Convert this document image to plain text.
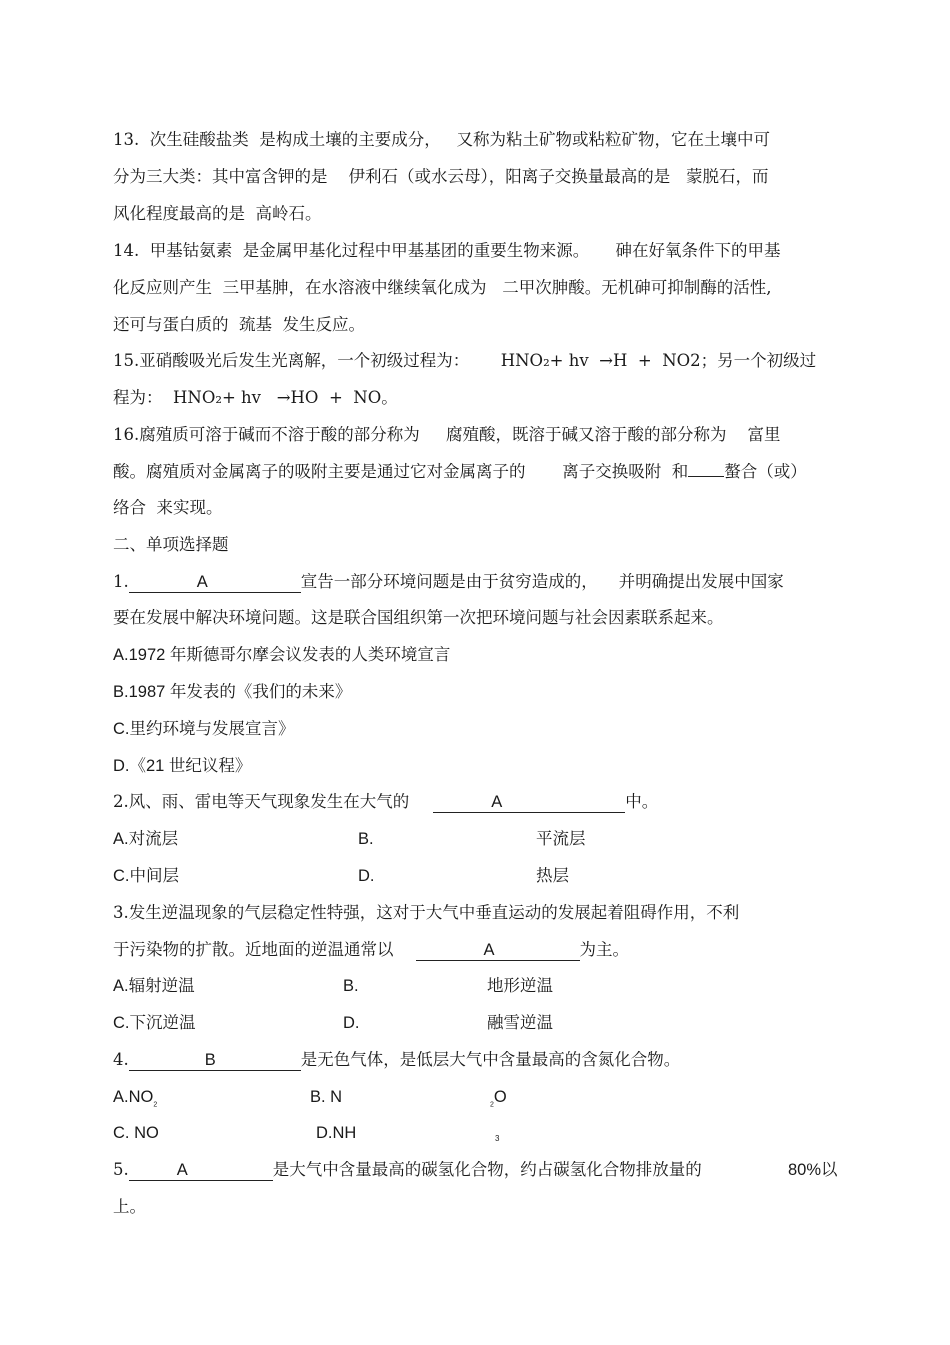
13.  次生硅酸盐类  是构成土壤的主要成分，   又称为粘土矿物或粘粒矿物，它在土壤中可
分为三大类：其中富含钾的是    伊利石（或水云母），阳离子交换量最高的是   蒙脱石，而
风化程度最高的是  高岭石。
14.  甲基钴氨素  是金属甲基化过程中甲基基团的重要生物来源。     砷在好氧条件下的甲基
化反应则产生  三甲基胂，在水溶液中继续氧化成为   二甲次胂酸。无机砷可抑制酶的活性,
还可与蛋白质的  巯基  发生反应。
15.亚硝酸吸光后发生光离解，一个初级过程为：      HNO₂+ hv  →H  +  NO2；另一个初级过
程为：  HNO₂+ hv   →HO  +  NO。
16.腐殖质可溶于碱而不溶于酸的部分称为     腐殖酸，既溶于碱又溶于酸的部分称为    富里
酸。腐殖质对金属离子的吸附主要是通过它对金属离子的       离子交换吸附  和 螯合（或）
络合  来实现。
二、单项选择题
1.	A	宣告一部分环境问题是由于贫穷造成的，    并明确提出发展中国家
要在发展中解决环境问题。这是联合国组织第一次把环境问题与社会因素联系起来。
A.1972 年斯德哥尔摩会议发表的人类环境宣言
B.1987 年发表的《我们的未来》
C.里约环境与发展宣言》
D.《21 世纪议程》
2.风、雨、雷电等天气现象发生在大气的	A	中。
A.对流层	B.	平流层
C.中间层	D.	热层
3.发生逆温现象的气层稳定性特强，这对于大气中垂直运动的发展起着阻碍作用，不利
于污染物的扩散。近地面的逆温通常以	A	为主。
A.辐射逆温	B.	地形逆温
C.下沉逆温	D.	融雪逆温
4.	B	是无色气体，是低层大气中含量最高的含氮化合物。
$A.NO_2$	B. N	$_2$O
C. NO	D.NH	3
5.	A	是大气中含量最高的碳氢化合物，约占碳氢化合物排放量的	80%以
上。
